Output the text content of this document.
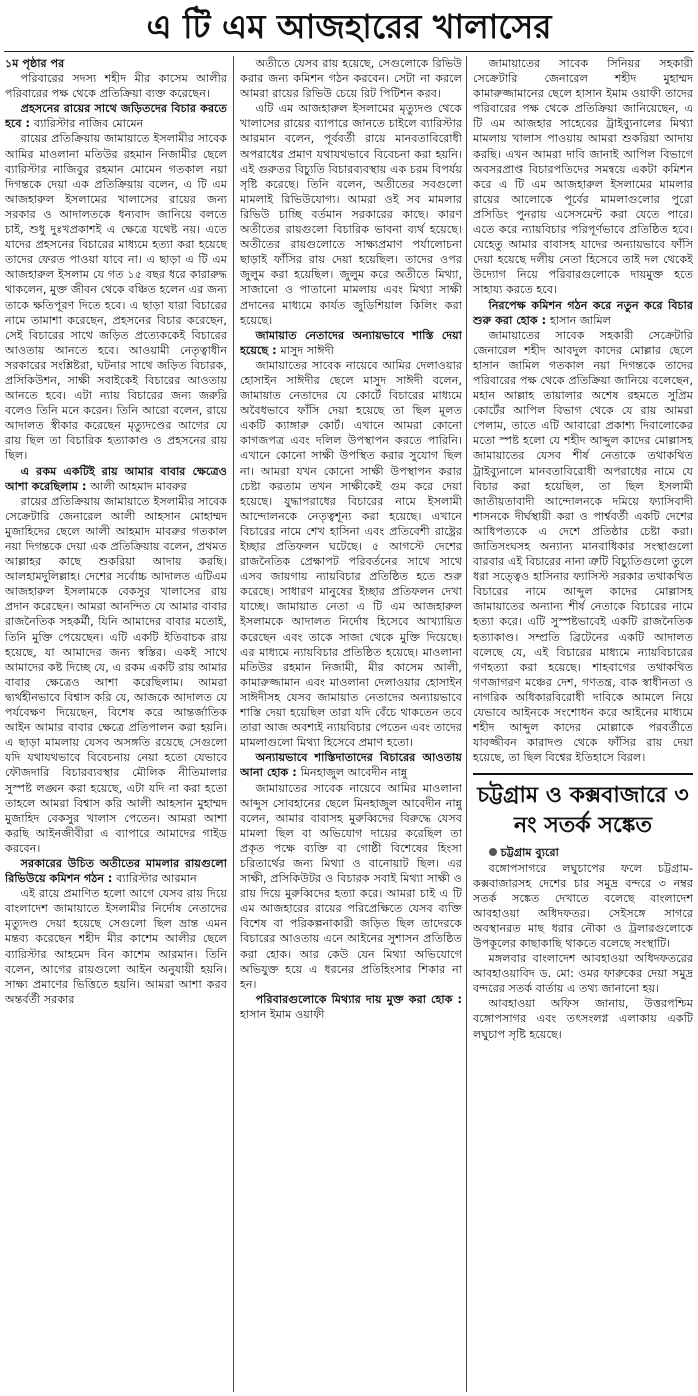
এ টি এম আজহারের খালাসের

১ম পৃষ্ঠার পর

পরিবারের সদস্য শহীদ মীর কাসেম আলীর পরিবারের পক্ষ থেকে প্রতিক্রিয়া ব্যক্ত করেছেন।

প্রহসনের রায়ের সাথে জড়িতদের বিচার করতে হবে : ব্যারিস্টার নাজিব মোমেন

রায়ের প্রতিক্রিয়ায় জামায়াতে ইসলামীর সাবেক আমির মাওলানা মতিউর রহমান নিজামীর ছেলে ব্যারিস্টার নাজিবুর রহমান মোমেন গতকাল নয়া দিগন্তকে দেয়া এক প্রতিক্রিয়ায় বলেন, এ টি এম আজহারুল ইসলামের খালাসের রায়ের জন্য সরকার ও আদালতকে ধন্যবাদ জানিয়ে বলতে চাই, শুধু দুঃখপ্রকাশই এ ক্ষেত্রে যথেষ্ট নয়। এতে যাদের প্রহসনের বিচারের মাধ্যমে হত্যা করা হয়েছে তাদের ফেরত পাওয়া যাবে না। এ ছাড়া এ টি এম আজহারুল ইসলাম যে গত ১৫ বছর ধরে কারারুদ্ধ থাকলেন, মুক্ত জীবন থেকে বঞ্চিত হলেন এর জন্য তাকে ক্ষতিপূরণ দিতে হবে। এ ছাড়া যারা বিচারের নামে তামাশা করেছেন, প্রহসনের বিচার করেছেন, সেই বিচারের সাথে জড়িত প্রত্যেককেই বিচারের আওতায় আনতে হবে। আওয়ামী নেতৃত্বাধীন সরকারের সংশ্লিষ্টরা, ঘটনার সাথে জড়িত বিচারক, প্রসিকিউশন, সাক্ষী সবাইকেই বিচারের আওতায় আনতে হবে। এটা ন্যায় বিচারের জন্য জরুরি বলেও তিনি মনে করেন। তিনি আরো বলেন, রায়ে আদালত স্বীকার করেছেন মৃত্যুদণ্ডের আগের যে রায় ছিল তা বিচারিক হত্যাকাণ্ড ও প্রহসনের রায় ছিল।

এ রকম একটিই রায় আমার বাবার ক্ষেত্রেও আশা করেছিলাম : আলী আহমাদ মাবরুর

রায়ের প্রতিক্রিয়ায় জামায়াতে ইসলামীর সাবেক সেক্রেটারি জেনারেল আলী আহসান মোহাম্মদ মুজাহিদের ছেলে আলী আহমাদ মাবরুর গতকাল নয়া দিগন্তকে দেয়া এক প্রতিক্রিয়ায় বলেন, প্রথমত আল্লাহর কাছে শুকরিয়া আদায় করছি। আলহামদুলিল্লাহ। দেশের সর্বোচ্চ আদালত এটিএম আজহারুল ইসলামকে বেকসুর খালাসের রায় প্রদান করেছেন। আমরা আনন্দিত যে আমার বাবার রাজনৈতিক সহকর্মী, যিনি আমাদের বাবার মতোই, তিনি মুক্তি পেয়েছেন। এটি একটি ইতিবাচক রায় হয়েছে, যা আমাদের জন্য স্বস্তির। একই সাথে আমাদের কষ্ট দিচ্ছে যে, এ রকম একটি রায় আমার বাবার ক্ষেত্রেও আশা করেছিলাম। আমরা দ্ব্যর্থহীনভাবে বিশ্বাস করি যে, আজকে আদালত যে পর্যবেক্ষণ দিয়েছেন, বিশেষ করে আন্তর্জাতিক আইন আমার বাবার ক্ষেত্রে প্রতিপালন করা হয়নি। এ ছাড়া মামলায় যেসব অসঙ্গতি রয়েছে সেগুলো যদি যথাযথভাবে বিবেচনায় নেয়া হতো যেভাবে ফৌজদারি বিচারব্যবস্থার মৌলিক নীতিমালার সুস্পষ্ট লঙ্ঘন করা হয়েছে, এটা যদি না করা হতো তাহলে আমরা বিশ্বাস করি আলী আহসান মুহাম্মদ মুজাহিদ বেকসুর খালাস পেতেন। আমরা আশা করছি আইনজীবীরা এ ব্যাপারে আমাদের গাইড করবেন।

সরকারের উচিত অতীতের মামলার রায়গুলো রিভিউয়ে কমিশন গঠন : ব্যারিস্টার আরমান

এই রায়ে প্রমাণিত হলো আগে যেসব রায় দিয়ে বাংলাদেশ জামায়াতে ইসলামীর নির্দোষ নেতাদের মৃত্যুদণ্ড দেয়া হয়েছে সেগুলো ছিল ভ্রান্ত এমন মন্তব্য করেছেন শহীদ মীর কাশেম আলীর ছেলে ব্যারিস্টার আহমেদ বিন কাশেম আরমান। তিনি বলেন, আগের রায়গুলো আইন অনুযায়ী হয়নি। সাক্ষ্য প্রমাণের ভিত্তিতে হয়নি। আমরা আশা করব অন্তর্বর্তী সরকার

অতীতে যেসব রায় হয়েছে, সেগুলোকে রিভিউ করার জন্য কমিশন গঠন করবেন। সেটা না করলে আমরা রায়ের রিভিউ চেয়ে রিট পিটিশন করব।

এটি এম আজহারুল ইসলামের মৃত্যুদণ্ড থেকে খালাসের রায়ের ব্যাপারে জানতে চাইলে ব্যারিস্টার আরমান বলেন, পূর্ববর্তী রায়ে মানবতাবিরোধী অপরাধের প্রমাণ যথাযথভাবে বিবেচনা করা হয়নি। এই গুরুতর বিচ্যুতি বিচারব্যবস্থায় এক চরম বিপর্যয় সৃষ্টি করেছে। তিনি বলেন, অতীতের সবগুলো মামলাই রিভিউযোগ্য। আমরা ওই সব মামলার রিভিউ চাচ্ছি বর্তমান সরকারের কাছে। কারণ অতীতের রায়গুলো বিচারিক ভাবনা ব্যর্থ হয়েছে। অতীতের রায়গুলোতে সাক্ষ্যপ্রমাণ পর্যালোচনা ছাড়াই ফাঁসির রায় দেয়া হয়েছিল। তাদের ওপর জুলুম করা হয়েছিল। জুলুম করে অতীতে মিথ্যা, সাজানো ও পাতানো মামলায় এবং মিথ্যা সাক্ষী প্রদানের মাধ্যমে কার্যত জুডিশিয়াল কিলিং করা হয়েছে।

জামায়াত নেতাদের অন্যায়ভাবে শাস্তি দেয়া হয়েছে : মাসুদ সাঈদী

জামায়াতের সাবেক নায়েবে আমির দেলাওয়ার হোসাইন সাঈদীর ছেলে মাসুদ সাঈদী বলেন, জামায়াত নেতাদের যে কোর্টে বিচারের মাধ্যমে অবৈধভাবে ফাঁসি দেয়া হয়েছে তা ছিল মূলত একটি ক্যাঙ্গারু কোর্ট। এখানে আমরা কোনো কাগজপত্র এবং দলিল উপস্থাপন করতে পারিনি। এখানে কোনো সাক্ষী উপস্থিত করার সুযোগ ছিল না। আমরা যখন কোনো সাক্ষী উপস্থাপন করার চেষ্টা করতাম তখন সাক্ষীকেই গুম করে দেয়া হয়েছে। যুদ্ধাপরাধের বিচারের নামে ইসলামী আন্দোলনকে নেতৃত্বশূন্য করা হয়েছে। এখানে বিচারের নামে শেখ হাসিনা এবং প্রতিবেশী রাষ্ট্রের ইচ্ছার প্রতিফলন ঘটেছে। ৫ আগস্টে দেশের রাজনৈতিক প্রেক্ষাপট পরিবর্তনের সাথে সাথে এসব জায়গায় ন্যায়বিচার প্রতিষ্ঠিত হতে শুরু করেছে। সাধারণ মানুষের ইচ্ছার প্রতিফলন দেখা যাচ্ছে। জামায়াত নেতা এ টি এম আজহারুল ইসলামকে আদালত নির্দোষ হিসেবে আখ্যায়িত করেছেন এবং তাকে সাজা থেকে মুক্তি দিয়েছে। এর মাধ্যমে ন্যায়বিচার প্রতিষ্ঠিত হয়েছে। মাওলানা মতিউর রহমান নিজামী, মীর কাসেম আলী, কামারুজ্জামান এবং মাওলানা দেলাওয়ার হোসাইন সাঈদীসহ যেসব জামায়াত নেতাদের অন্যায়ভাবে শাস্তি দেয়া হয়েছিল তারা যদি বেঁচে থাকতেন তবে তারা আজ অবশ্যই ন্যায়বিচার পেতেন এবং তাদের মামলাগুলো মিথ্যা হিসেবে প্রমাণ হতো।

অন্যায়ভাবে শাস্তিদাতাদের বিচারের আওতায় আনা হোক : মিনহাজুল আবেদীন নান্নু

জামায়াতের সাবেক নায়েবে আমির মাওলানা আব্দুস সোবহানের ছেলে মিনহাজুল আবেদীন নান্নু বলেন, আমার বাবাসহ মুরুব্বিদের বিরুদ্ধে যেসব মামলা ছিল বা অভিযোগ দায়ের করেছিল তা প্রকৃত পক্ষে ব্যক্তি বা গোষ্ঠী বিশেষের হিংসা চরিতার্থের জন্য মিথ্যা ও বানোয়াট ছিল। এর সাক্ষী, প্রসিকিউটর ও বিচারক সবাই মিথ্যা সাক্ষী ও রায় দিয়ে মুরুব্বিদের হত্যা করে। আমরা চাই এ টি এম আজহারের রায়ের পরিপ্রেক্ষিতে যেসব ব্যক্তি বিশেষ বা পরিকল্পনাকারী জড়িত ছিল তাদেরকে বিচারের আওতায় এনে আইনের সুশাসন প্রতিষ্ঠিত করা হোক। আর কেউ যেন মিথ্যা অভিযোগে অভিযুক্ত হয়ে এ ধরনের প্রতিহিংসার শিকার না হন।

পরিবারগুলোকে মিথ্যার দায় মুক্ত করা হোক : হাসান ইমাম ওয়াফী

জামায়াতের সাবেক সিনিয়র সহকারী সেক্রেটারি জেনারেল শহীদ মুহাম্মদ কামারুজ্জামানের ছেলে হাসান ইমাম ওয়াফী তাদের পরিবারের পক্ষ থেকে প্রতিক্রিয়া জানিয়েছেন, এ টি এম আজহার সাহেবের ট্রাইব্যুনালের মিথ্যা মামলায় খালাস পাওয়ায় আমরা শুকরিয়া আদায় করছি। এখন আমরা দাবি জানাই আপিল বিভাগে অবসরপ্রাপ্ত বিচারপতিদের সমন্বয়ে একটা কমিশন করে এ টি এম আজহারুল ইসলামের মামলার রায়ের আলোকে পূর্বের মামলাগুলোর পুরো প্রসিডিং পুনরায় এসেসমেন্ট করা যেতে পারে। এতে করে ন্যায়বিচার পরিপূর্ণভাবে প্রতিষ্ঠিত হবে। যেহেতু আমার বাবাসহ যাদের অন্যায়ভাবে ফাঁসি দেয়া হয়েছে দলীয় নেতা হিসেবে তাই দল থেকেই উদ্যোগ নিয়ে পরিবারগুলোকে দায়মুক্ত হতে সাহায্য করতে হবে।

নিরপেক্ষ কমিশন গঠন করে নতুন করে বিচার শুরু করা হোক : হাসান জামিল

জামায়াতের সাবেক সহকারী সেক্রেটারি জেনারেল শহীদ আবদুল কাদের মোল্লার ছেলে হাসান জামিল গতকাল নয়া দিগন্তকে তাদের পরিবারের পক্ষ থেকে প্রতিক্রিয়া জানিয়ে বলেছেন, মহান আল্লাহ তায়ালার অশেষ রহমতে সুপ্রিম কোর্টের আপিল বিভাগ থেকে যে রায় আমরা পেলাম, তাতে এটি আবারো প্রকাশ্য দিবালোকের মতো স্পষ্ট হলো যে শহীদ আব্দুল কাদের মোল্লাসহ জামায়াতের যেসব শীর্ষ নেতাকে তথাকথিত ট্রাইব্যুনালে মানবতাবিরোধী অপরাধের নামে যে বিচার করা হয়েছিল, তা ছিল ইসলামী জাতীয়তাবাদী আন্দোলনকে দমিয়ে ফ্যাসিবাদী শাসনকে দীর্ঘস্থায়ী করা ও পার্শ্ববর্তী একটি দেশের আধিপত্যকে এ দেশে প্রতিষ্ঠার চেষ্টা করা। জাতিসংঘসহ অন্যান্য মানবাধিকার সংস্থাগুলো বারবার এই বিচারের নানা ত্রুটি বিচ্যুতিগুলো তুলে ধরা সত্ত্বেও হাসিনার ফ্যাসিস্ট সরকার তথাকথিত বিচারের নামে আব্দুল কাদের মোল্লাসহ জামায়াতের অন্যান্য শীর্ষ নেতাকে বিচারের নামে হত্যা করে। এটি সুস্পষ্টভাবেই একটি রাজনৈতিক হত্যাকাণ্ড। সম্প্রতি ব্রিটেনের একটি আদালত বলেছে যে, এই বিচারের মাধ্যমে ন্যায়বিচারের গণহত্যা করা হয়েছে। শাহবাগের তথাকথিত গণজাগরণ মঞ্চের দেশ, গণতন্ত্র, বাক স্বাধীনতা ও নাগরিক অধিকারবিরোধী দাবিকে আমলে নিয়ে যেভাবে আইনকে সংশোধন করে আইনের মাধ্যমে শহীদ আব্দুল কাদের মোল্লাকে পরবর্তীতে যাবজ্জীবন কারাদণ্ড থেকে ফাঁসির রায় দেয়া হয়েছে, তা ছিল বিশ্বের ইতিহাসে বিরল।

চট্টগ্রাম ও কক্সবাজারে ৩ নং সতর্ক সঙ্কেত

চট্টগ্রাম ব্যুরো

বঙ্গোপসাগরে লঘুচাপের ফলে চট্টগ্রাম-কক্সবাজারসহ দেশের চার সমুদ্র বন্দরে ৩ নম্বর সতর্ক সঙ্কেত দেখাতে বলেছে বাংলাদেশ আবহাওয়া অধিদফতর। সেইসঙ্গে সাগরে অবস্থানরত মাছ ধরার নৌকা ও ট্রলারগুলোকে উপকূলের কাছাকাছি থাকতে বলেছে সংস্থাটি।

মঙ্গলবার বাংলাদেশ আবহাওয়া অধিদফতরের আবহাওয়াবিদ ড. মো: ওমর ফারুকের দেয়া সমুদ্র বন্দরের সতর্ক বার্তায় এ তথ্য জানানো হয়।

আবহাওয়া অফিস জানায়, উত্তরপশ্চিম বঙ্গোপসাগর এবং তৎসংলগ্ন এলাকায় একটি লঘুচাপ সৃষ্টি হয়েছে।
